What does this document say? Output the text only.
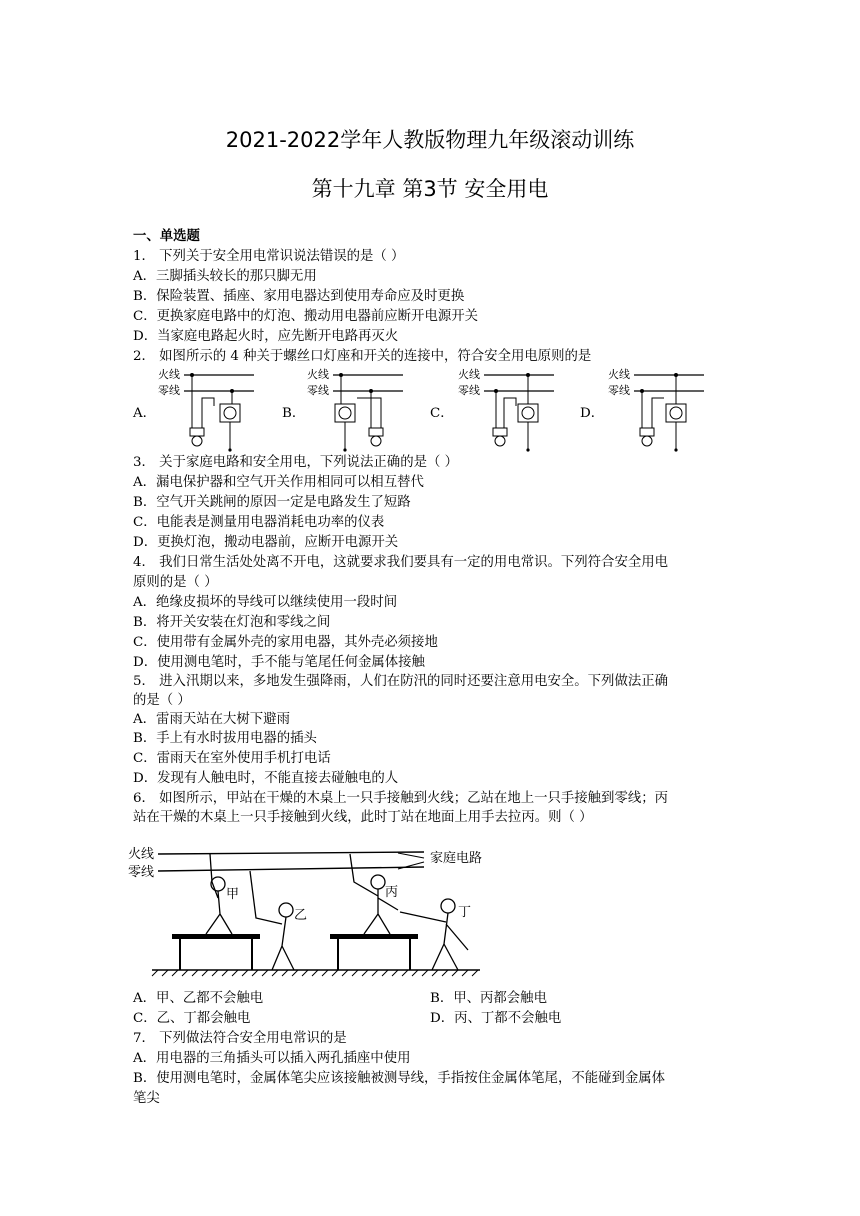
2021-2022学年人教版物理九年级滚动训练
第十九章 第3节 安全用电
一、单选题
1． 下列关于安全用电常识说法错误的是（ ）
A．三脚插头较长的那只脚无用
B．保险装置、插座、家用电器达到使用寿命应及时更换
C．更换家庭电路中的灯泡、搬动用电器前应断开电源开关
D．当家庭电路起火时，应先断开电路再灭火
2． 如图所示的 4 种关于螺丝口灯座和开关的连接中，符合安全用电原则的是
A．	B．	C．	D．
火线
零线
火线
零线
火线
零线
火线
零线
3． 关于家庭电路和安全用电，下列说法正确的是（ ）
A．漏电保护器和空气开关作用相同可以相互替代
B．空气开关跳闸的原因一定是电路发生了短路
C．电能表是测量用电器消耗电功率的仪表
D．更换灯泡，搬动电器前，应断开电源开关
4． 我们日常生活处处离不开电，这就要求我们要具有一定的用电常识。下列符合安全用电
原则的是（ ）
A．绝缘皮损坏的导线可以继续使用一段时间
B．将开关安装在灯泡和零线之间
C．使用带有金属外壳的家用电器，其外壳必须接地
D．使用测电笔时，手不能与笔尾任何金属体接触
5． 进入汛期以来，多地发生强降雨，人们在防汛的同时还要注意用电安全。下列做法正确
的是（ ）
A．雷雨天站在大树下避雨
B．手上有水时拔用电器的插头
C．雷雨天在室外使用手机打电话
D．发现有人触电时，不能直接去碰触电的人
6． 如图所示，甲站在干燥的木桌上一只手接触到火线；乙站在地上一只手接触到零线；丙
站在干燥的木桌上一只手接触到火线，此时丁站在地面上用手去拉丙。则（ ）
火线
零线
家庭电路
甲
乙
丙
丁
A．甲、乙都不会触电	B．甲、丙都会触电
C．乙、丁都会触电	D．丙、丁都不会触电
7． 下列做法符合安全用电常识的是
A．用电器的三角插头可以插入两孔插座中使用
B．使用测电笔时，金属体笔尖应该接触被测导线，手指按住金属体笔尾，不能碰到金属体
笔尖
